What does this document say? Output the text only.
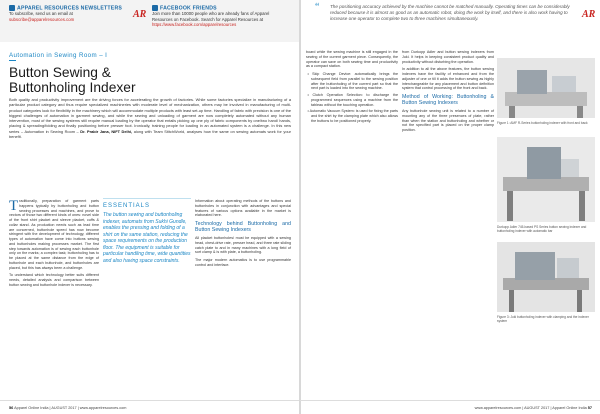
APPAREL RESOURCES NEWSLETTERS
To subscribe, send us an email at
subscribe@apparelresources.com	AR
FACEBOOK FRIENDS
Join more than 10000 people who are already fans of Apparel
Resources on Facebook. Search for Apparel Resources at
https://www.facebook.com/apparelresources
Automation in Sewing Room – I
Button Sewing &
Buttonholing Indexer
Both quality and productivity improvement are the driving forces for accelerating the growth of factories. While some factories specialize in manufacturing of a particular product category and thus require specialized machineries with moderate level of mechanization, others may be involved in manufacturing of multi-product categories look for flexibility in the machinery which will accommodate multiple products with least set-up time. Handling of fabric with precision is one of the biggest challenges of automation in garment sewing, and while the sewing and unloading of garment are now completely automated without any human intervention, most of the sewing systems still require manual loading by the operator that entails picking up one ply of fabric components by one/two hand/ hands, placing & spreading/folding and finally positioning before presser foot. Ironically, training people for loading in an automated system is a challenge. In this new series – Automation in Sewing Room – Dr. Prabir Jana, NIFT Delhi, along with Team StitchWorld, analyses how the same on sewing automats work for your benefit.

Traditionally, preparation of garment parts happens typically by buttonholing and button sewing processes and machines, and prove to vectors of those two different kinds of ones: novel side of the front shirt placket and sleeve placket, cuffs & collar stand. As production needs such as lead time are concerned, buttonhole speed has now become stringent with the development of technology, different types of automation have come into buttons sewing and buttonholes making processes market. The first step towards automation is of sewing each buttonhole only on the marks; a complex task; buttonholing has to be placed at the same distance from the edge of buttonhole and each buttonhole, and buttonholes are placed, but this has always been a challenge.

To understand which technology better suits different needs, detailed analysis and comparison between button sewing and buttonhole indexer is necessary.

ESSENTIALS
The button sewing and buttonholing indexer, automats from Sukhi Gundle, enables the pressing and folding of a shirt on the same station, reducing the space requirements on the production floor. The equipment is suitable for particular handling time, wide quantities and also having space constraints.

Information about operating methods of the buttons and buttonholes in conjunction with advantages and special features of various options available in the market is elaborated here.

Technology behind Buttonholing and Button Sewing Indexers

All placket buttonholes/ must be equipped with a sewing head, chest-drive rate, presser head, and three rate sliding catch plate to and in many machines with a long field of sort clamp & is with plate, a buttonholing.

The major modern automatics is to use programmable control and interface.

56 Apparel Online India | AUGUST 2017 | www.apparelresources.com
AR
“ The positioning accuracy achieved by the machine cannot be matched manually. Operating times can be considerably reduced because it is almost as good as an automatic robot, doing the work by itself, and there is also work having to increase one operator to complete two to three machines simultaneously.

board while the sewing machine is still engaged in the sewing of the current garment piece. Consequently, the operator can save on both sewing time and productivity as a compact station.

• Skip Change Device: automatically brings the subsequent field from parallel to the sewing position after the buttonholing of the current part so that the next part is loaded into the sewing machine.

• Clutch Operation Selection: to discharge the programmed sequences using a machine from the tableau without the touching operation.

• Automatic Vacuum System: is used for fixing the parts and the shirt by the clamping plate which also allows the buttons to be positioned properly.

from Durkopp Adler and button sewing indexers from Juki. It helps in keeping consistent product quality and productivity without disturbing the operation.

In addition to all the above features, the button sewing indexers have the facility of enhanced and from the adjuster of one or till it adds the button sewing as highly interchangeable for any placement and button definition system that control processing of the front and back.

Method of Working: Buttonholing & Button Sewing Indexers

Any buttonhole sewing unit is related to a number of mounting any of the three presences of plate, rather than when the station and buttonholing and whether or not the specified part is placed on the proper clamp position.

Figure 1: AMF R-Series buttonholing indexer with front and back
Durkopp Adler 745-based PS Series button sewing indexer and buttonholing indexer with automatic bar
Figure 3: Juki buttonholing indexer with clamping and the indexer system
www.apparelresources.com | AUGUST 2017 | Apparel Online India 57
